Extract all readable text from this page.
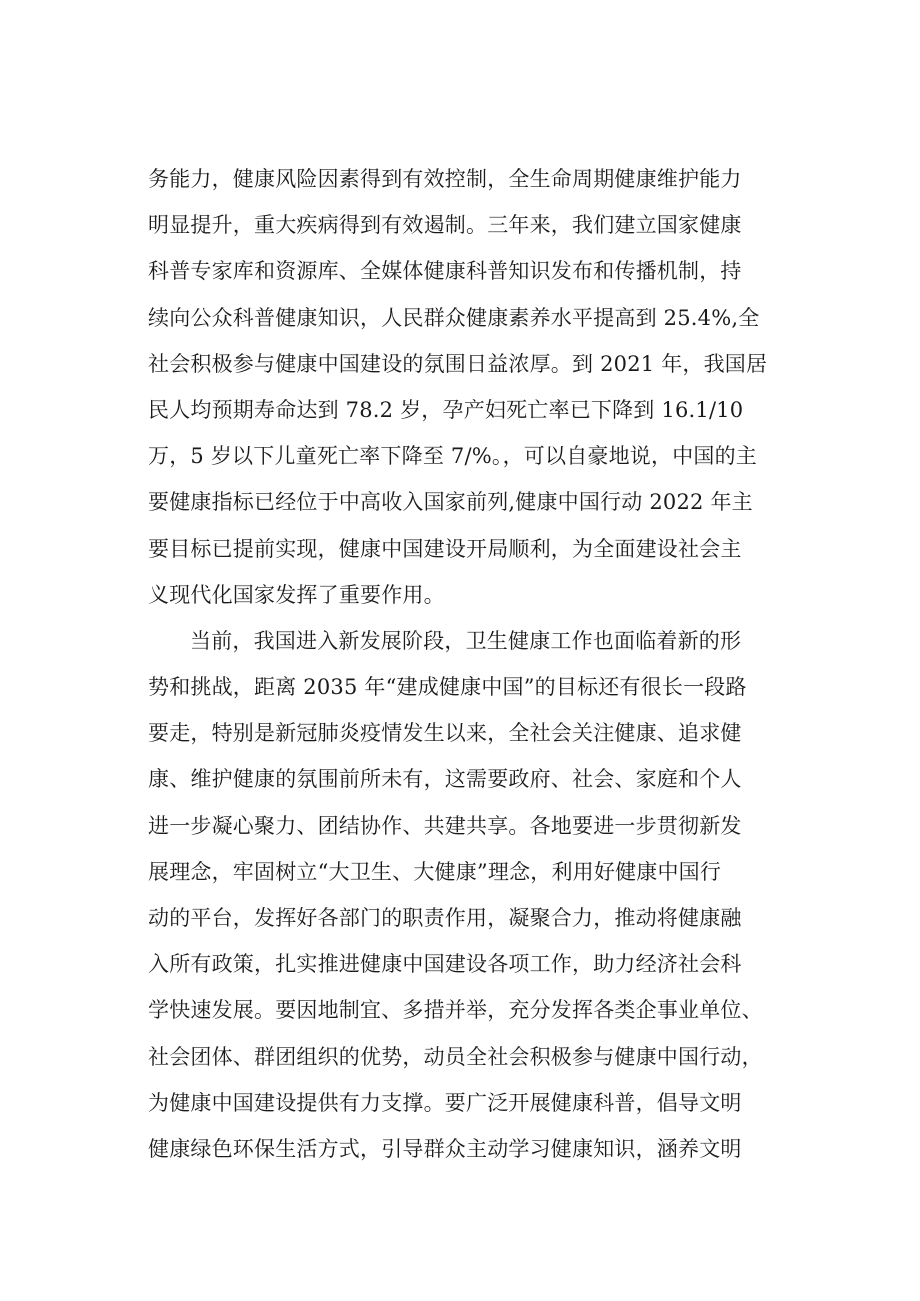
务能力，健康风险因素得到有效控制，全生命周期健康维护能力
明显提升，重大疾病得到有效遏制。三年来，我们建立国家健康
科普专家库和资源库、全媒体健康科普知识发布和传播机制，持
续向公众科普健康知识，人民群众健康素养水平提高到 25.4%,全
社会积极参与健康中国建设的氛围日益浓厚。到 2021 年，我国居
民人均预期寿命达到 78.2 岁，孕产妇死亡率已下降到 16.1/10
万，5 岁以下儿童死亡率下降至 7/%。，可以自豪地说，中国的主
要健康指标已经位于中高收入国家前列,健康中国行动 2022 年主
要目标已提前实现，健康中国建设开局顺利，为全面建设社会主
义现代化国家发挥了重要作用。
当前，我国进入新发展阶段，卫生健康工作也面临着新的形
势和挑战，距离 2035 年“建成健康中国”的目标还有很长一段路
要走，特别是新冠肺炎疫情发生以来，全社会关注健康、追求健
康、维护健康的氛围前所未有，这需要政府、社会、家庭和个人
进一步凝心聚力、团结协作、共建共享。各地要进一步贯彻新发
展理念，牢固树立“大卫生、大健康”理念，利用好健康中国行
动的平台，发挥好各部门的职责作用，凝聚合力，推动将健康融
入所有政策，扎实推进健康中国建设各项工作，助力经济社会科
学快速发展。要因地制宜、多措并举，充分发挥各类企事业单位、
社会团体、群团组织的优势，动员全社会积极参与健康中国行动，
为健康中国建设提供有力支撑。要广泛开展健康科普，倡导文明
健康绿色环保生活方式，引导群众主动学习健康知识，涵养文明
